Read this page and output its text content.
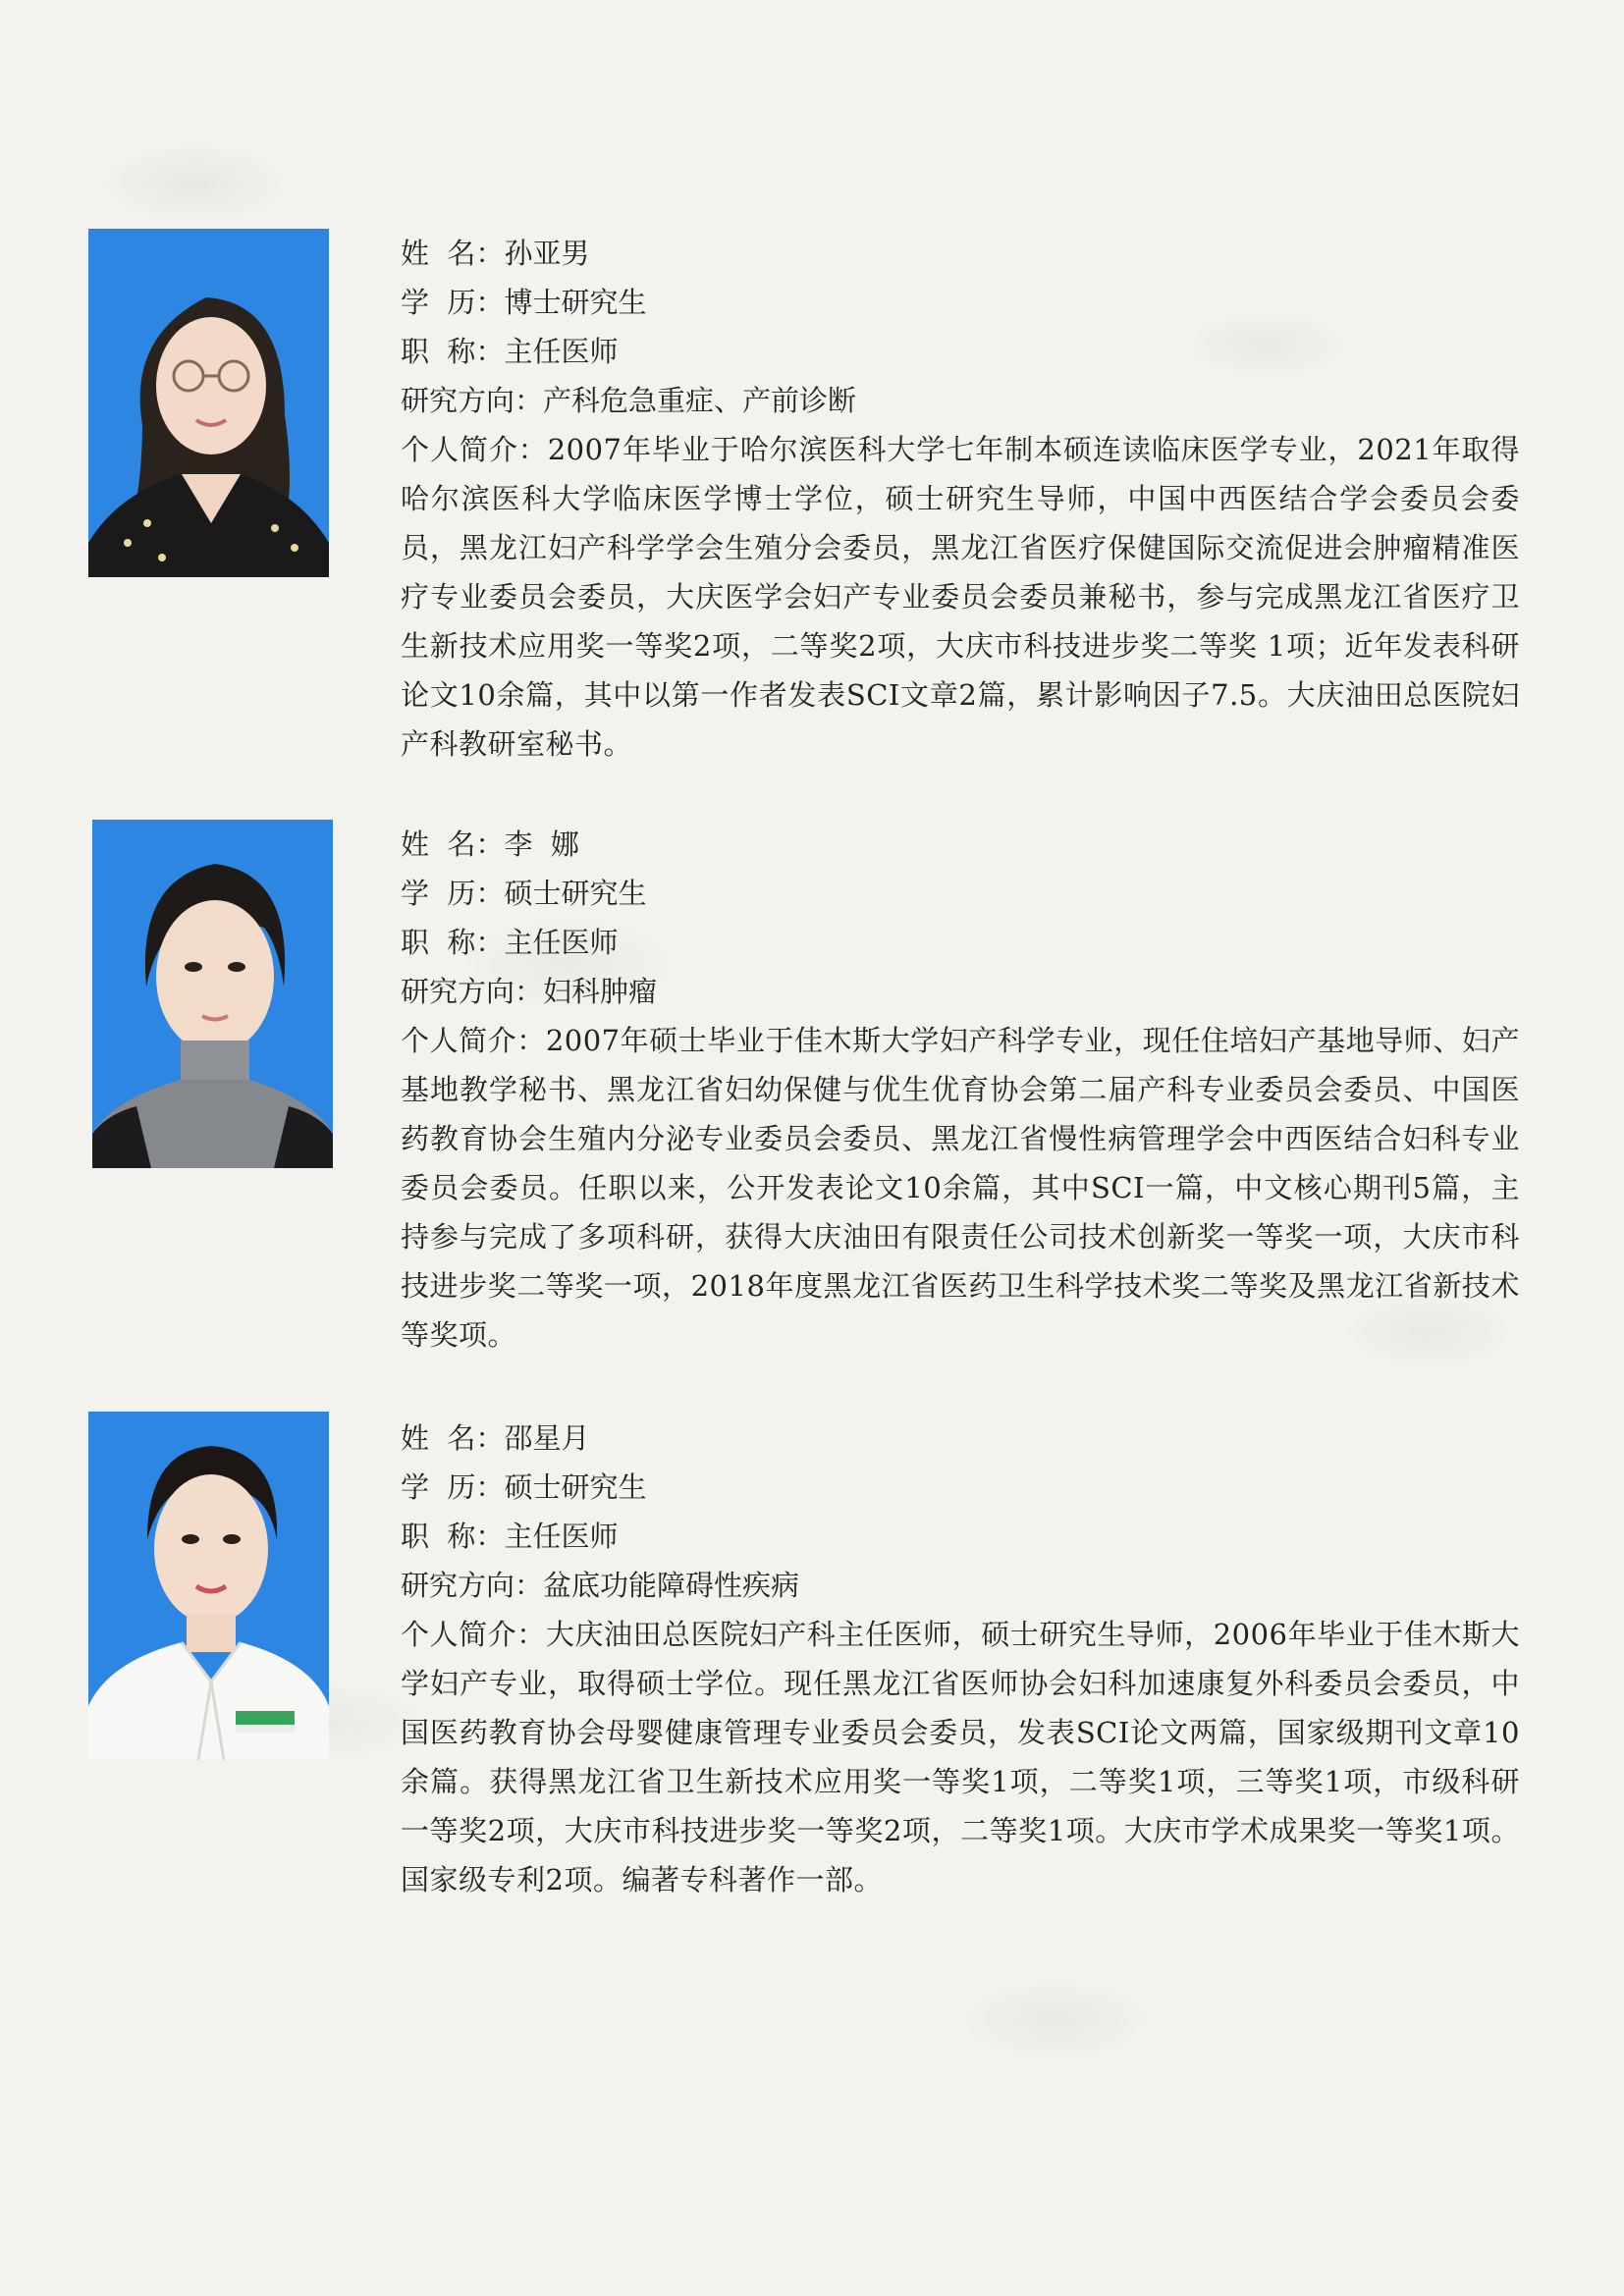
姓  名：孙亚男
学  历：博士研究生
职  称：主任医师
研究方向：产科危急重症、产前诊断
个人简介：2007年毕业于哈尔滨医科大学七年制本硕连读临床医学专业，2021年取得哈尔滨医科大学临床医学博士学位，硕士研究生导师，中国中西医结合学会委员会委员，黑龙江妇产科学学会生殖分会委员，黑龙江省医疗保健国际交流促进会肿瘤精准医疗专业委员会委员，大庆医学会妇产专业委员会委员兼秘书，参与完成黑龙江省医疗卫生新技术应用奖一等奖2项，二等奖2项，大庆市科技进步奖二等奖 1项；近年发表科研论文10余篇，其中以第一作者发表SCI文章2篇，累计影响因子7.5。大庆油田总医院妇产科教研室秘书。
姓  名：李  娜
学  历：硕士研究生
职  称：主任医师
研究方向：妇科肿瘤
个人简介：2007年硕士毕业于佳木斯大学妇产科学专业，现任住培妇产基地导师、妇产基地教学秘书、黑龙江省妇幼保健与优生优育协会第二届产科专业委员会委员、中国医药教育协会生殖内分泌专业委员会委员、黑龙江省慢性病管理学会中西医结合妇科专业委员会委员。任职以来，公开发表论文10余篇，其中SCI一篇，中文核心期刊5篇，主持参与完成了多项科研，获得大庆油田有限责任公司技术创新奖一等奖一项，大庆市科技进步奖二等奖一项，2018年度黑龙江省医药卫生科学技术奖二等奖及黑龙江省新技术等奖项。
姓  名：邵星月
学  历：硕士研究生
职  称：主任医师
研究方向：盆底功能障碍性疾病
个人简介：大庆油田总医院妇产科主任医师，硕士研究生导师，2006年毕业于佳木斯大学妇产专业，取得硕士学位。现任黑龙江省医师协会妇科加速康复外科委员会委员，中国医药教育协会母婴健康管理专业委员会委员，发表SCI论文两篇，国家级期刊文章10余篇。获得黑龙江省卫生新技术应用奖一等奖1项，二等奖1项，三等奖1项，市级科研一等奖2项，大庆市科技进步奖一等奖2项，二等奖1项。大庆市学术成果奖一等奖1项。国家级专利2项。编著专科著作一部。
